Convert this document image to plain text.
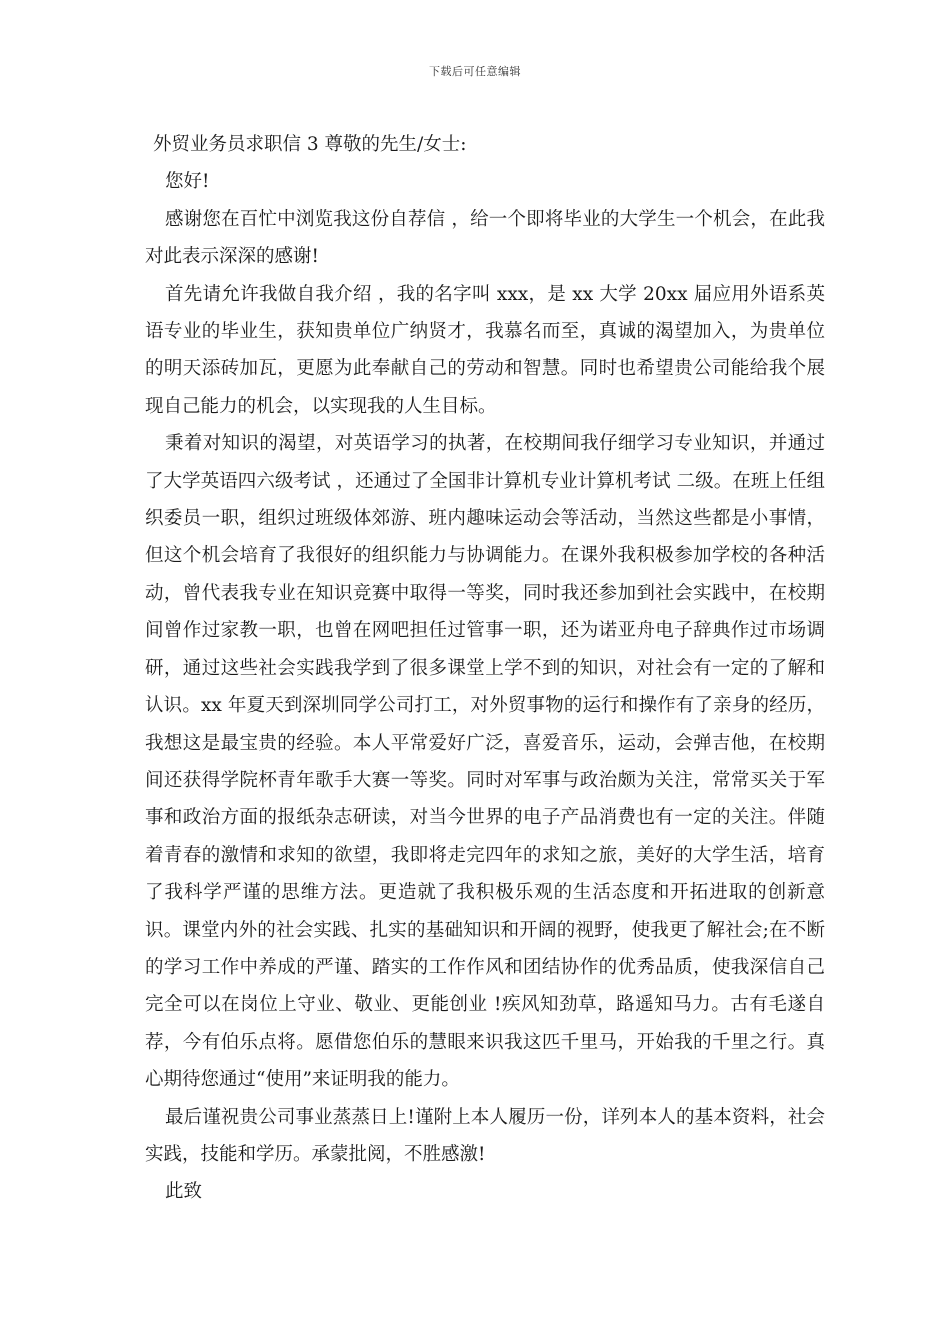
下载后可任意编辑

外贸业务员求职信 3 尊敬的先生/女士:

您好!

感谢您在百忙中浏览我这份自荐信 ，给一个即将毕业的大学生一个机会，在此我对此表示深深的感谢!

首先请允许我做自我介绍 ，我的名字叫 xxx，是 xx 大学 20xx 届应用外语系英语专业的毕业生，获知贵单位广纳贤才，我慕名而至，真诚的渴望加入，为贵单位的明天添砖加瓦，更愿为此奉献自己的劳动和智慧。同时也希望贵公司能给我个展现自己能力的机会，以实现我的人生目标。

秉着对知识的渴望，对英语学习的执著，在校期间我仔细学习专业知识，并通过了大学英语四六级考试 ，还通过了全国非计算机专业计算机考试 二级。在班上任组织委员一职，组织过班级体郊游、班内趣味运动会等活动，当然这些都是小事情，但这个机会培育了我很好的组织能力与协调能力。在课外我积极参加学校的各种活动，曾代表我专业在知识竞赛中取得一等奖，同时我还参加到社会实践中，在校期间曾作过家教一职，也曾在网吧担任过管事一职，还为诺亚舟电子辞典作过市场调研，通过这些社会实践我学到了很多课堂上学不到的知识，对社会有一定的了解和认识。xx 年夏天到深圳同学公司打工，对外贸事物的运行和操作有了亲身的经历，我想这是最宝贵的经验。本人平常爱好广泛，喜爱音乐，运动，会弹吉他，在校期间还获得学院杯青年歌手大赛一等奖。同时对军事与政治颇为关注，常常买关于军事和政治方面的报纸杂志研读，对当今世界的电子产品消费也有一定的关注。伴随着青春的激情和求知的欲望，我即将走完四年的求知之旅，美好的大学生活，培育了我科学严谨的思维方法。更造就了我积极乐观的生活态度和开拓进取的创新意识。课堂内外的社会实践、扎实的基础知识和开阔的视野，使我更了解社会;在不断的学习工作中养成的严谨、踏实的工作作风和团结协作的优秀品质，使我深信自己完全可以在岗位上守业、敬业、更能创业 !疾风知劲草，路遥知马力。古有毛遂自荐，今有伯乐点将。愿借您伯乐的慧眼来识我这匹千里马，开始我的千里之行。真心期待您通过“使用”来证明我的能力。

最后谨祝贵公司事业蒸蒸日上!谨附上本人履历一份，详列本人的基本资料，社会实践，技能和学历。承蒙批阅，不胜感激!

此致
